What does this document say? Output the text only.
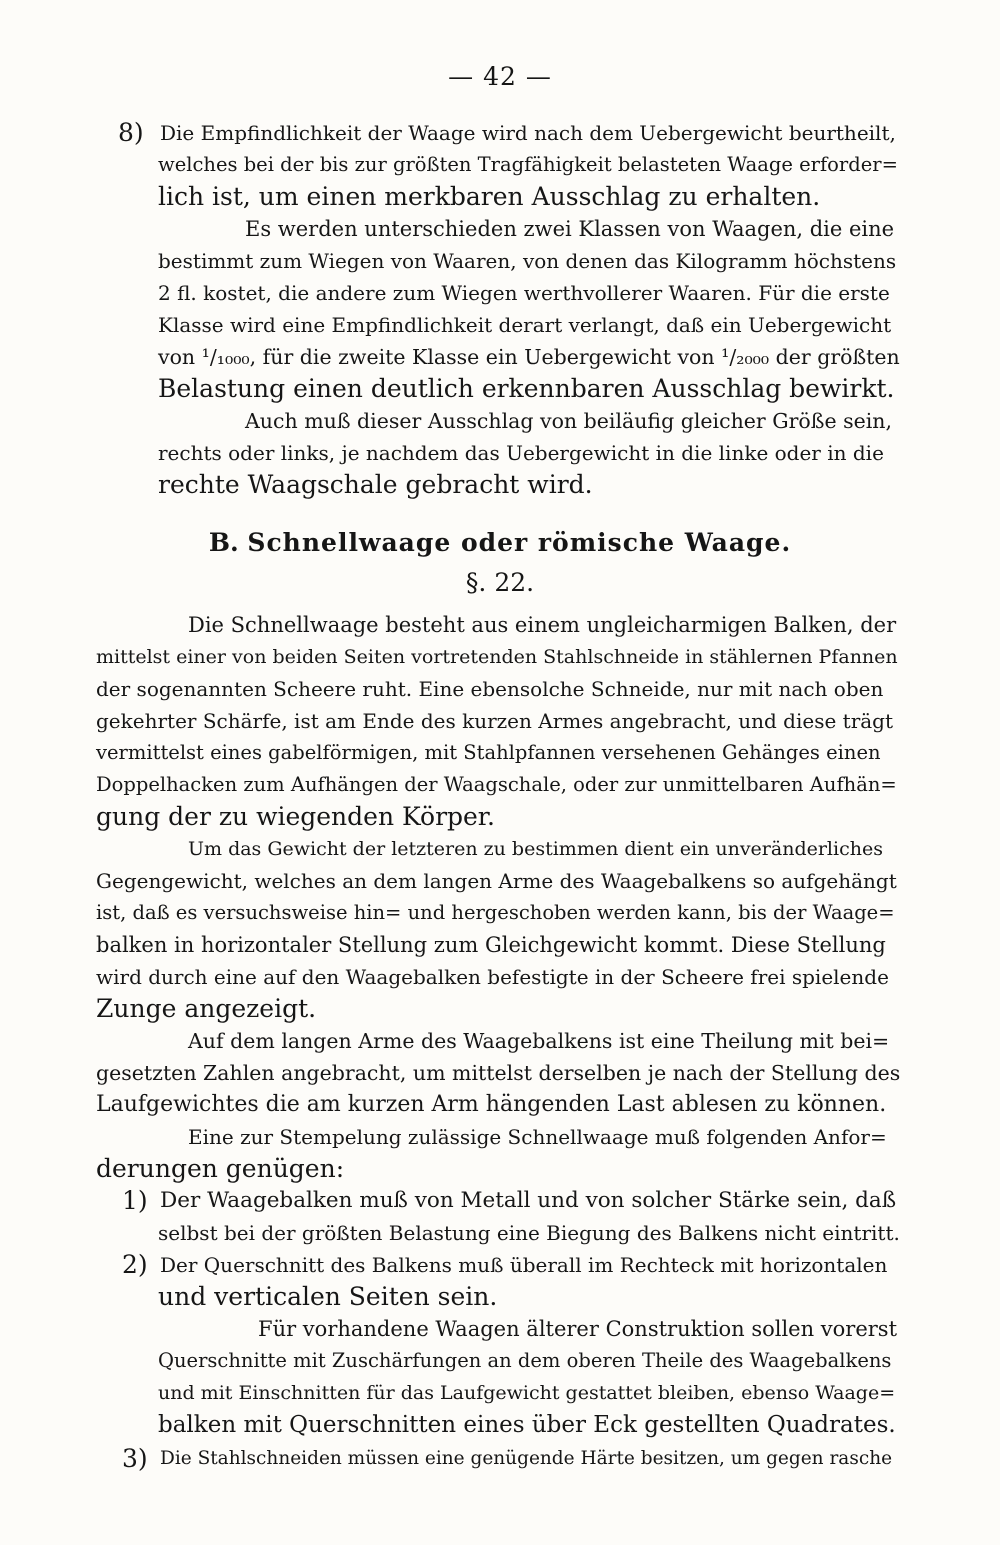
— 42 —
8) Die Empfindlichkeit der Waage wird nach dem Uebergewicht beurtheilt,
welches bei der bis zur größten Tragfähigkeit belasteten Waage erforder=
lich ist, um einen merkbaren Ausschlag zu erhalten.
Es werden unterschieden zwei Klassen von Waagen, die eine
bestimmt zum Wiegen von Waaren, von denen das Kilogramm höchstens
2 fl. kostet, die andere zum Wiegen werthvollerer Waaren. Für die erste
Klasse wird eine Empfindlichkeit derart verlangt, daß ein Uebergewicht
von ¹/₁₀₀₀, für die zweite Klasse ein Uebergewicht von ¹/₂₀₀₀ der größten
Belastung einen deutlich erkennbaren Ausschlag bewirkt.
Auch muß dieser Ausschlag von beiläufig gleicher Größe sein,
rechts oder links, je nachdem das Uebergewicht in die linke oder in die
rechte Waagschale gebracht wird.
B. Schnellwaage oder römische Waage.
§. 22.
Die Schnellwaage besteht aus einem ungleicharmigen Balken, der
mittelst einer von beiden Seiten vortretenden Stahlschneide in stählernen Pfannen
der sogenannten Scheere ruht. Eine ebensolche Schneide, nur mit nach oben
gekehrter Schärfe, ist am Ende des kurzen Armes angebracht, und diese trägt
vermittelst eines gabelförmigen, mit Stahlpfannen versehenen Gehänges einen
Doppelhacken zum Aufhängen der Waagschale, oder zur unmittelbaren Aufhän=
gung der zu wiegenden Körper.
Um das Gewicht der letzteren zu bestimmen dient ein unveränderliches
Gegengewicht, welches an dem langen Arme des Waagebalkens so aufgehängt
ist, daß es versuchsweise hin= und hergeschoben werden kann, bis der Waage=
balken in horizontaler Stellung zum Gleichgewicht kommt. Diese Stellung
wird durch eine auf den Waagebalken befestigte in der Scheere frei spielende
Zunge angezeigt.
Auf dem langen Arme des Waagebalkens ist eine Theilung mit bei=
gesetzten Zahlen angebracht, um mittelst derselben je nach der Stellung des
Laufgewichtes die am kurzen Arm hängenden Last ablesen zu können.
Eine zur Stempelung zulässige Schnellwaage muß folgenden Anfor=
derungen genügen:
1) Der Waagebalken muß von Metall und von solcher Stärke sein, daß
selbst bei der größten Belastung eine Biegung des Balkens nicht eintritt.
2) Der Querschnitt des Balkens muß überall im Rechteck mit horizontalen
und verticalen Seiten sein.
Für vorhandene Waagen älterer Construktion sollen vorerst
Querschnitte mit Zuschärfungen an dem oberen Theile des Waagebalkens
und mit Einschnitten für das Laufgewicht gestattet bleiben, ebenso Waage=
balken mit Querschnitten eines über Eck gestellten Quadrates.
3) Die Stahlschneiden müssen eine genügende Härte besitzen, um gegen rasche
